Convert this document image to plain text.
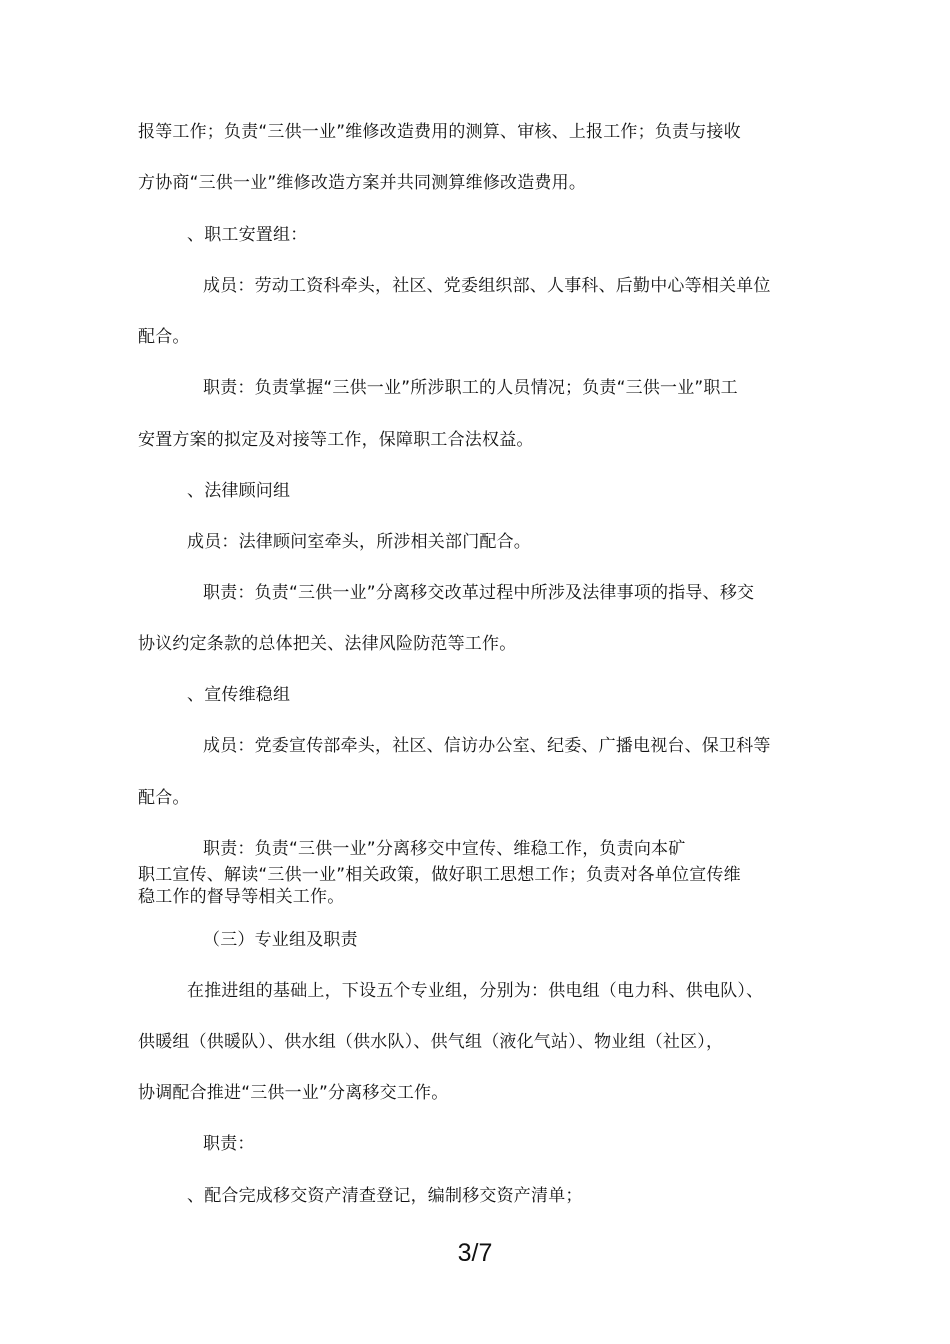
报等工作；负责“三供一业”维修改造费用的测算、审核、上报工作；负责与接收
方协商“三供一业”维修改造方案并共同测算维修改造费用。
、职工安置组：
成员：劳动工资科牵头，社区、党委组织部、人事科、后勤中心等相关单位
配合。
职责：负责掌握“三供一业”所涉职工的人员情况；负责“三供一业”职工
安置方案的拟定及对接等工作，保障职工合法权益。
、法律顾问组
成员：法律顾问室牵头，所涉相关部门配合。
职责：负责“三供一业”分离移交改革过程中所涉及法律事项的指导、移交
协议约定条款的总体把关、法律风险防范等工作。
、宣传维稳组
成员：党委宣传部牵头，社区、信访办公室、纪委、广播电视台、保卫科等
配合。
职责：负责“三供一业”分离移交中宣传、维稳工作，负责向本矿
职工宣传、解读“三供一业”相关政策，做好职工思想工作；负责对各单位宣传维
稳工作的督导等相关工作。
（三）专业组及职责
在推进组的基础上，下设五个专业组，分别为：供电组（电力科、供电队）、
供暖组（供暖队）、供水组（供水队）、供气组（液化气站）、物业组（社区），
协调配合推进“三供一业”分离移交工作。
职责：
、配合完成移交资产清查登记，编制移交资产清单；
3/7
